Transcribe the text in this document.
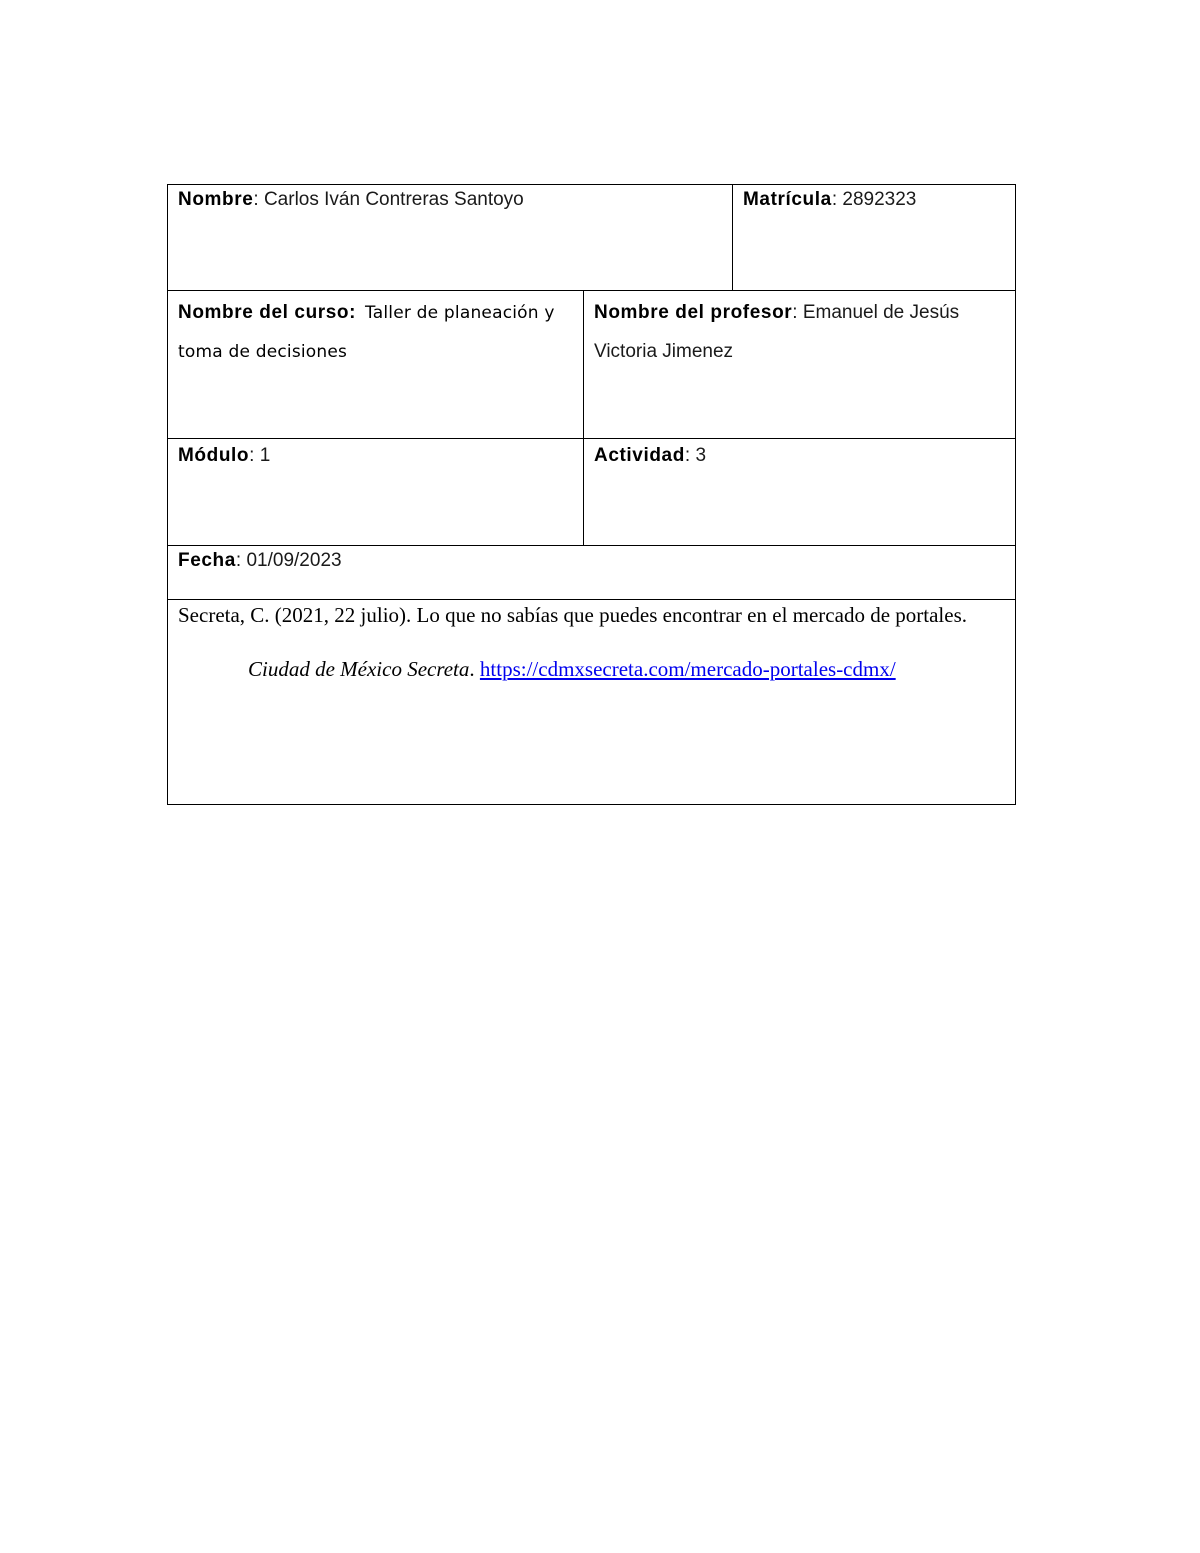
Nombre: Carlos Iván Contreras Santoyo		Matrícula: 2892323
Nombre del curso: Taller de planeación y toma de decisiones	Nombre del profesor: Emanuel de Jesús Victoria Jimenez	
Módulo: 1	Actividad: 3	
Fecha: 01/09/2023		

Secreta, C. (2021, 22 julio). Lo que no sabías que puedes encontrar en el mercado de portales. Ciudad de México Secreta. https://cdmxsecreta.com/mercado-portales-cdmx/		
